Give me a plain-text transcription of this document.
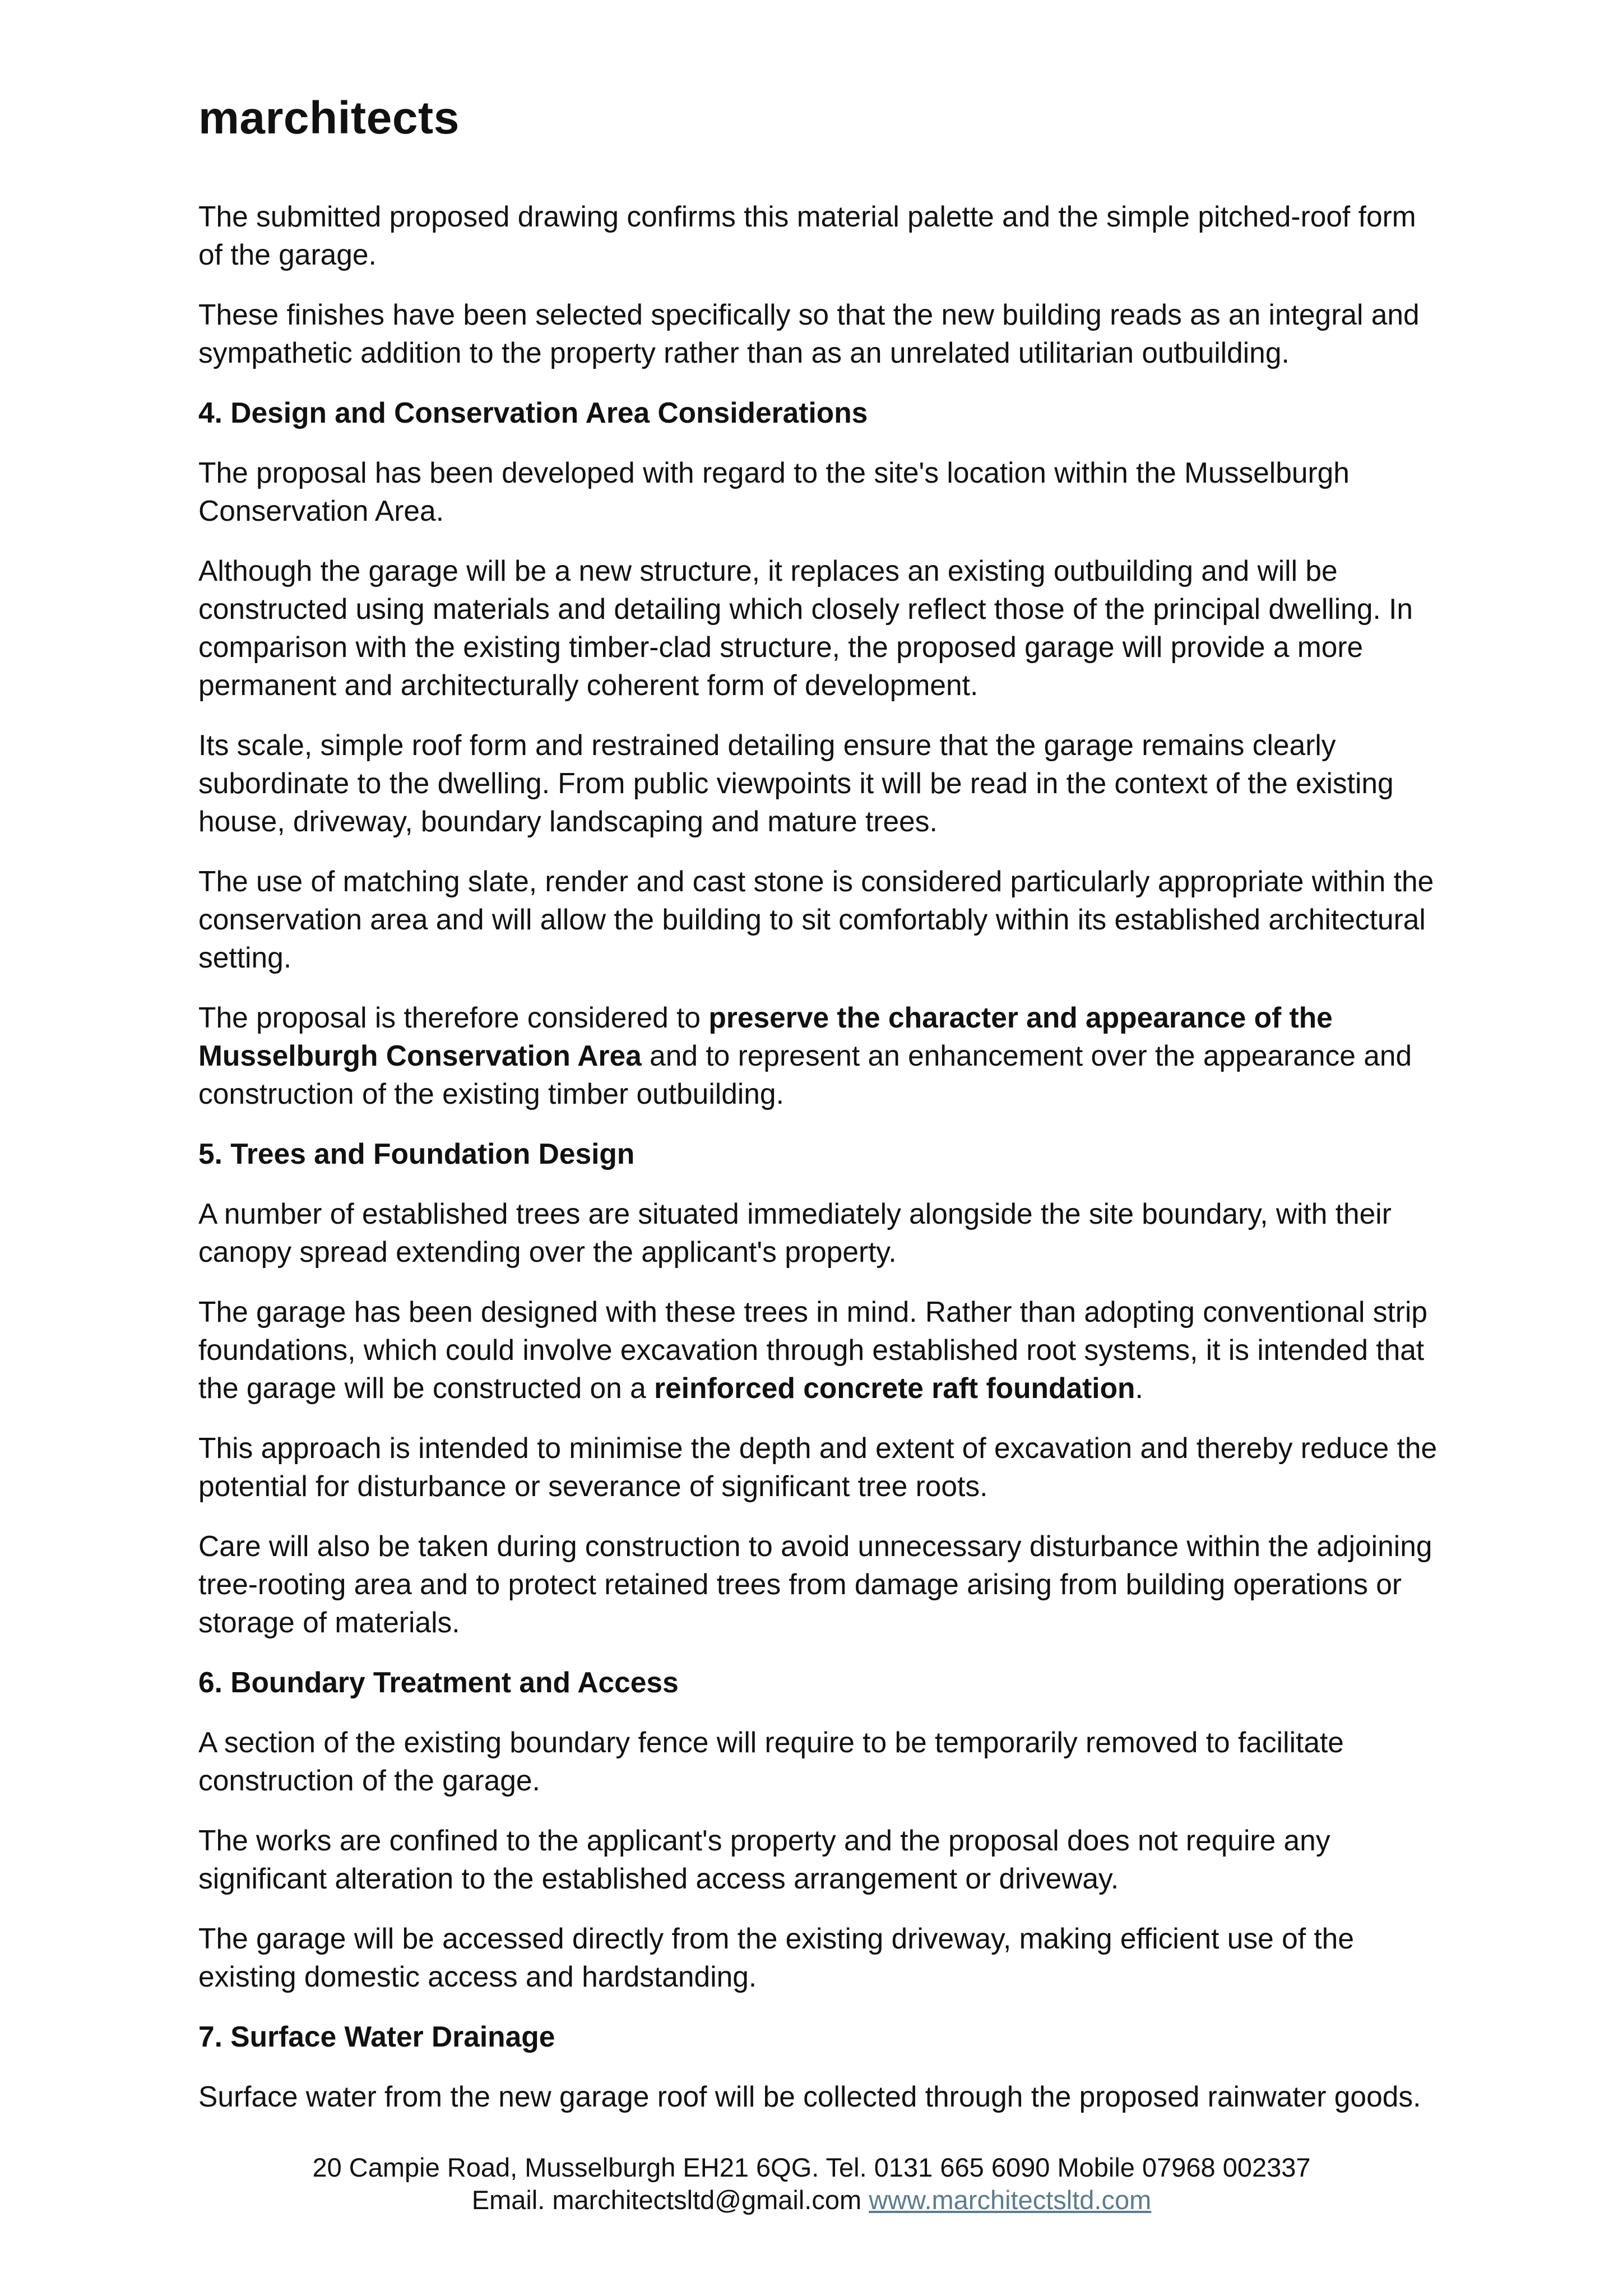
marchitects

The submitted proposed drawing confirms this material palette and the simple pitched-roof form of the garage.

These finishes have been selected specifically so that the new building reads as an integral and sympathetic addition to the property rather than as an unrelated utilitarian outbuilding.

4. Design and Conservation Area Considerations

The proposal has been developed with regard to the site's location within the Musselburgh Conservation Area.

Although the garage will be a new structure, it replaces an existing outbuilding and will be constructed using materials and detailing which closely reflect those of the principal dwelling. In comparison with the existing timber-clad structure, the proposed garage will provide a more permanent and architecturally coherent form of development.

Its scale, simple roof form and restrained detailing ensure that the garage remains clearly subordinate to the dwelling. From public viewpoints it will be read in the context of the existing house, driveway, boundary landscaping and mature trees.

The use of matching slate, render and cast stone is considered particularly appropriate within the conservation area and will allow the building to sit comfortably within its established architectural setting.

The proposal is therefore considered to preserve the character and appearance of the Musselburgh Conservation Area and to represent an enhancement over the appearance and construction of the existing timber outbuilding.

5. Trees and Foundation Design

A number of established trees are situated immediately alongside the site boundary, with their canopy spread extending over the applicant's property.

The garage has been designed with these trees in mind. Rather than adopting conventional strip foundations, which could involve excavation through established root systems, it is intended that the garage will be constructed on a reinforced concrete raft foundation.

This approach is intended to minimise the depth and extent of excavation and thereby reduce the potential for disturbance or severance of significant tree roots.

Care will also be taken during construction to avoid unnecessary disturbance within the adjoining tree-rooting area and to protect retained trees from damage arising from building operations or storage of materials.

6. Boundary Treatment and Access

A section of the existing boundary fence will require to be temporarily removed to facilitate construction of the garage.

The works are confined to the applicant's property and the proposal does not require any significant alteration to the established access arrangement or driveway.

The garage will be accessed directly from the existing driveway, making efficient use of the existing domestic access and hardstanding.

7. Surface Water Drainage

Surface water from the new garage roof will be collected through the proposed rainwater goods.

20 Campie Road, Musselburgh EH21 6QG. Tel. 0131 665 6090 Mobile 07968 002337
Email. marchitectsltd@gmail.com www.marchitectsltd.com
